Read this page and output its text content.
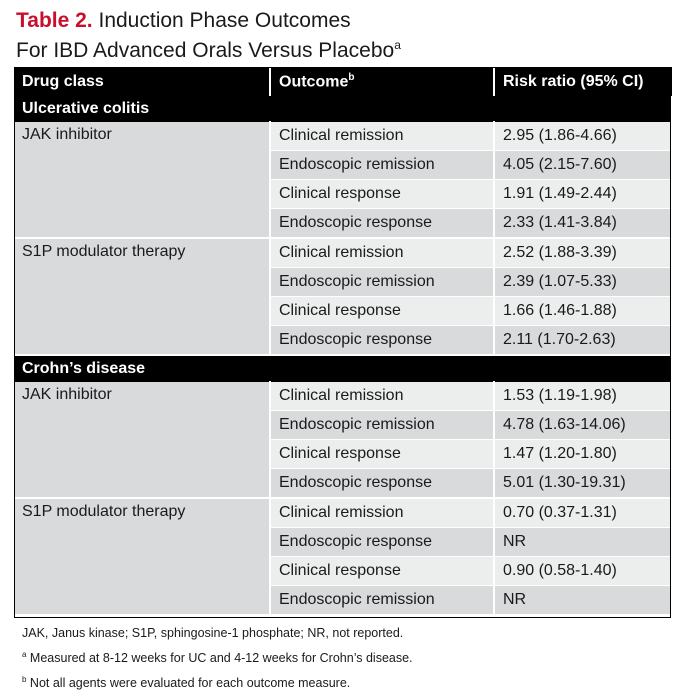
Table 2. Induction Phase Outcomes
For IBD Advanced Orals Versus Placebo$^a$
Drug class	Outcome$^b$	Risk ratio (95% CI)
Ulcerative colitis		
JAK inhibitor	Clinical remission	2.95 (1.86-4.66)
	Endoscopic remission	4.05 (2.15-7.60)
	Clinical response	1.91 (1.49-2.44)
	Endoscopic response	2.33 (1.41-3.84)
S1P modulator therapy	Clinical remission	2.52 (1.88-3.39)
	Endoscopic remission	2.39 (1.07-5.33)
	Clinical response	1.66 (1.46-1.88)
	Endoscopic response	2.11 (1.70-2.63)
Crohn’s disease		
JAK inhibitor	Clinical remission	1.53 (1.19-1.98)
	Endoscopic remission	4.78 (1.63-14.06)
	Clinical response	1.47 (1.20-1.80)
	Endoscopic response	5.01 (1.30-19.31)
S1P modulator therapy	Clinical remission	0.70 (0.37-1.31)
	Endoscopic response	NR
	Clinical response	0.90 (0.58-1.40)
	Endoscopic remission	NR
JAK, Janus kinase; S1P, sphingosine-1 phosphate; NR, not reported.
$^a$ Measured at 8-12 weeks for UC and 4-12 weeks for Crohn’s disease.
$^b$ Not all agents were evaluated for each outcome measure.
